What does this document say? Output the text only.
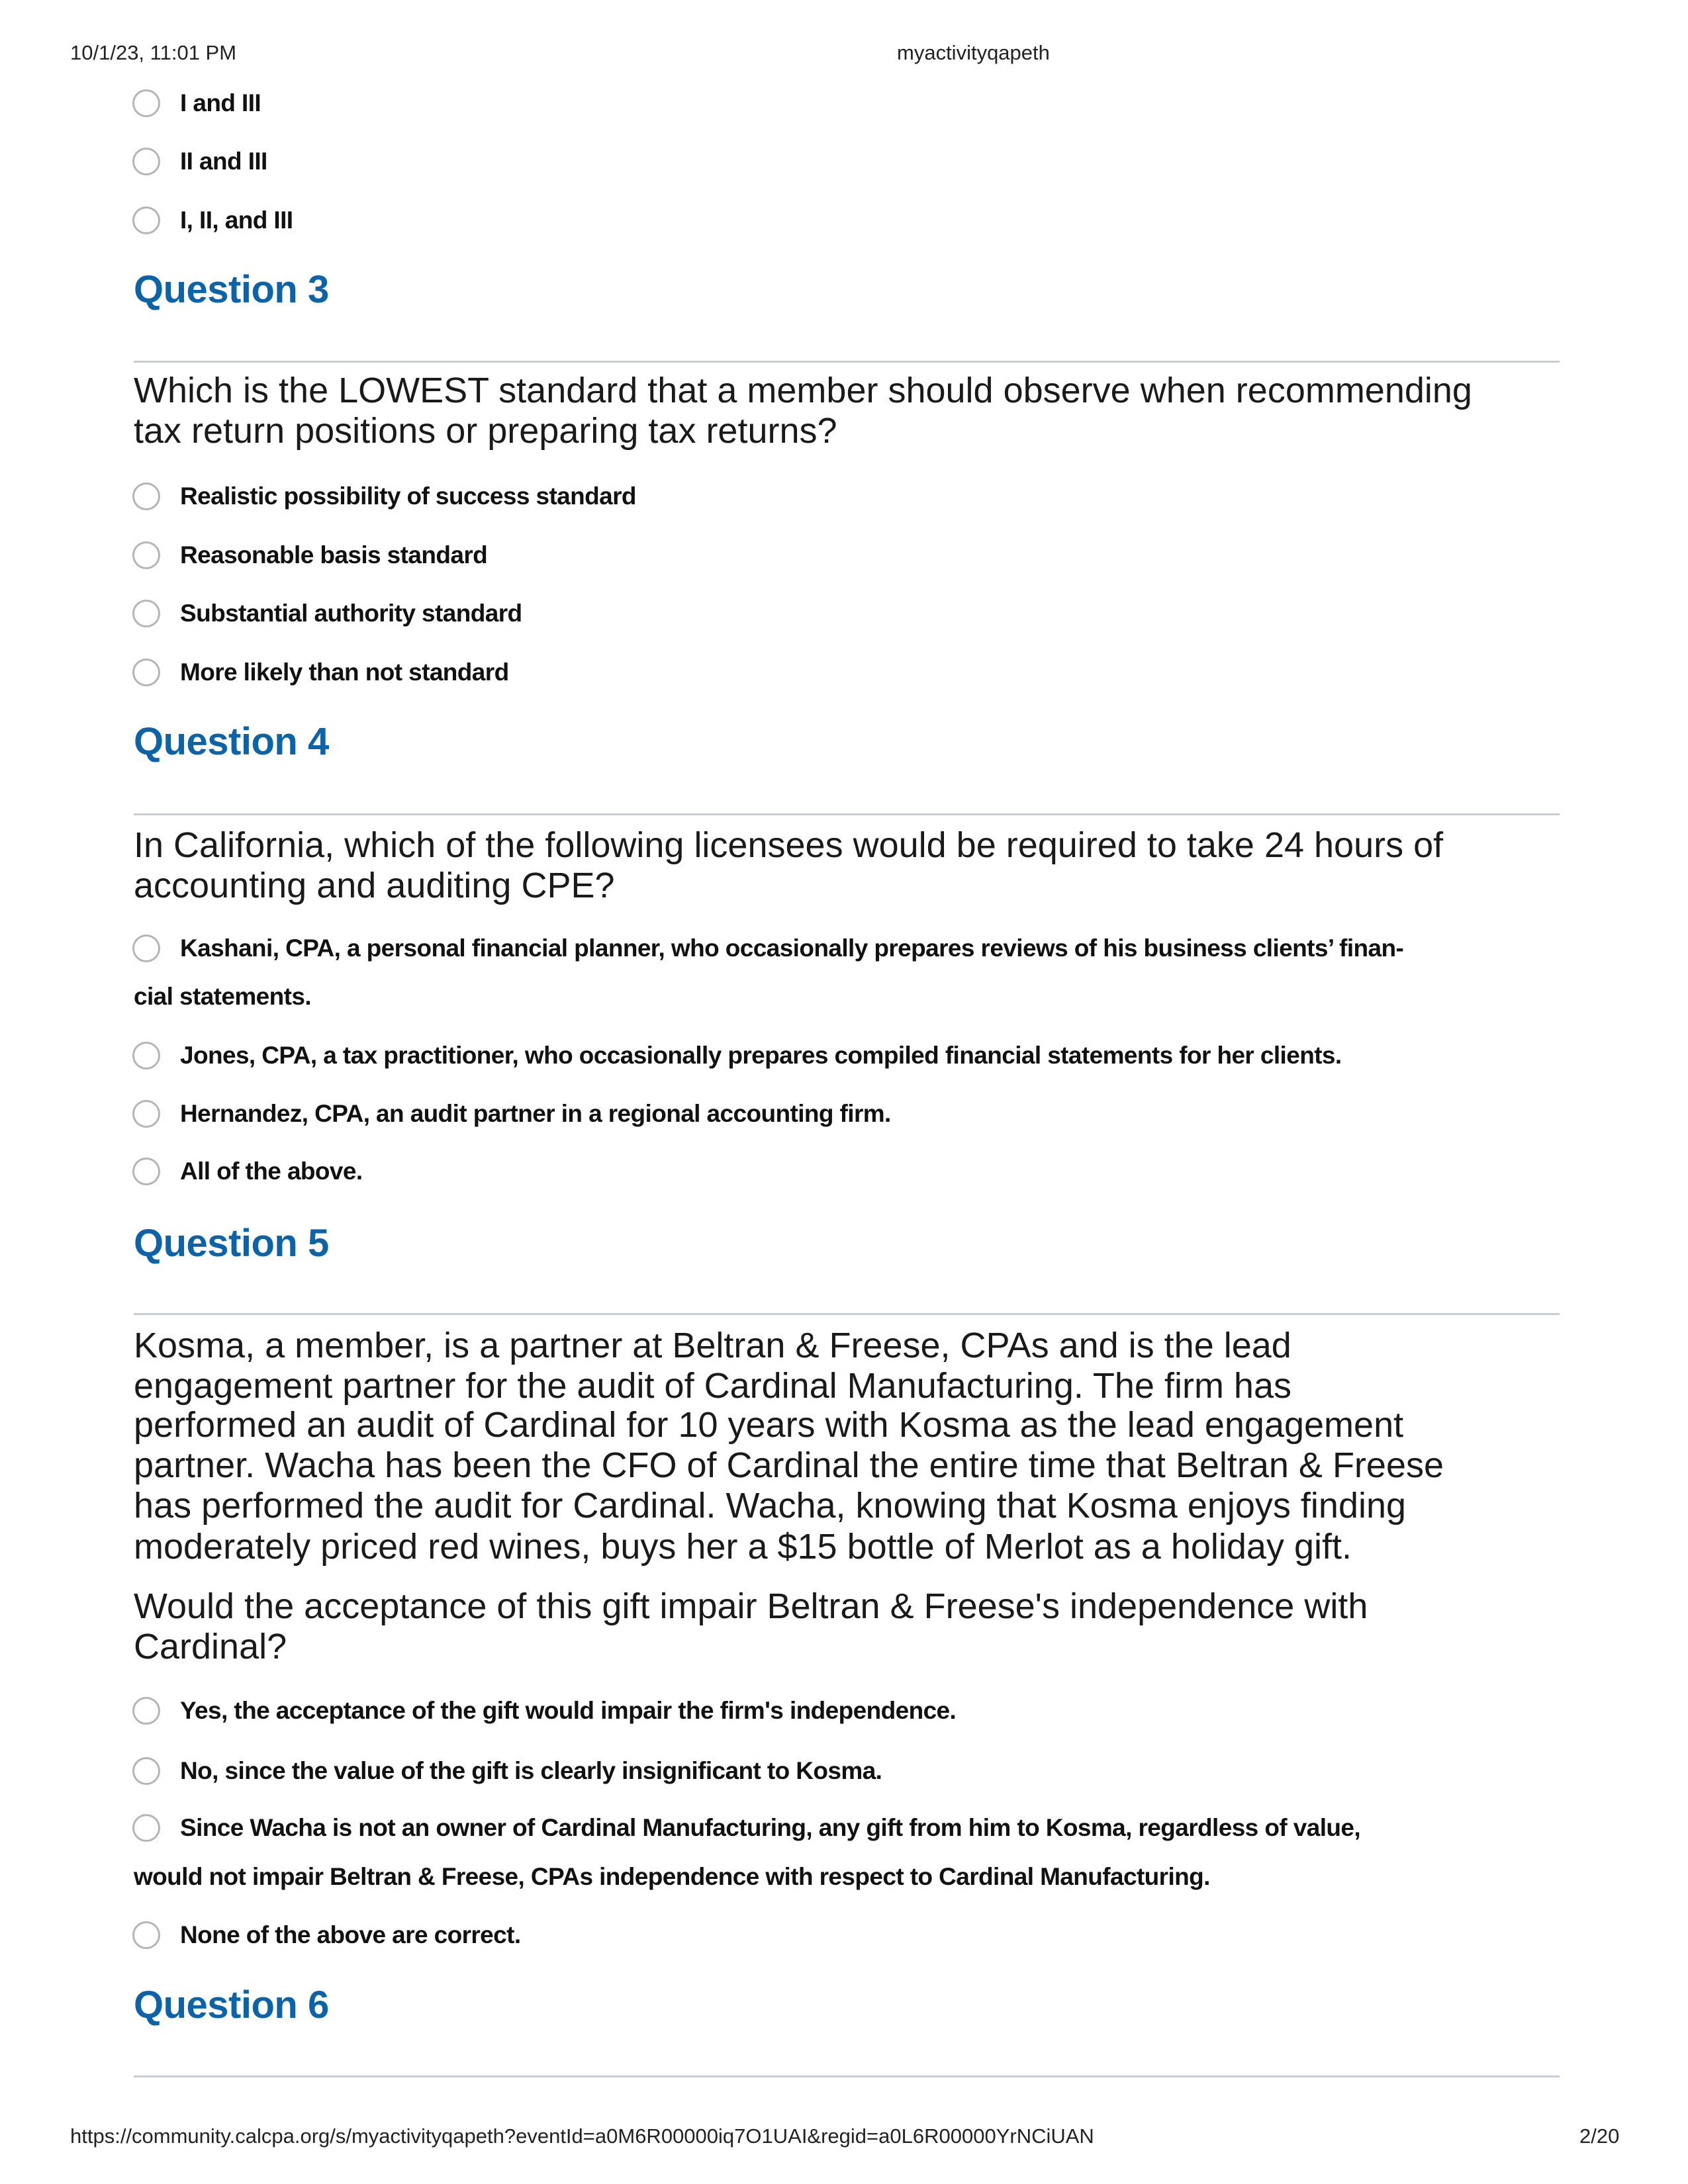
10/1/23, 11:01 PM	myactivityqapeth
I and III
II and III
I, II, and III
Question 3
Which is the LOWEST standard that a member should observe when recommending
tax return positions or preparing tax returns?
Realistic possibility of success standard
Reasonable basis standard
Substantial authority standard
More likely than not standard
Question 4
In California, which of the following licensees would be required to take 24 hours of
accounting and auditing CPE?
Kashani, CPA, a personal financial planner, who occasionally prepares reviews of his business clients’ finan-
cial statements.
Jones, CPA, a tax practitioner, who occasionally prepares compiled financial statements for her clients.
Hernandez, CPA, an audit partner in a regional accounting firm.
All of the above.
Question 5
Kosma, a member, is a partner at Beltran & Freese, CPAs and is the lead
engagement partner for the audit of Cardinal Manufacturing. The firm has
performed an audit of Cardinal for 10 years with Kosma as the lead engagement
partner. Wacha has been the CFO of Cardinal the entire time that Beltran & Freese
has performed the audit for Cardinal. Wacha, knowing that Kosma enjoys finding
moderately priced red wines, buys her a $15 bottle of Merlot as a holiday gift.
Would the acceptance of this gift impair Beltran & Freese's independence with
Cardinal?
Yes, the acceptance of the gift would impair the firm's independence.
No, since the value of the gift is clearly insignificant to Kosma.
Since Wacha is not an owner of Cardinal Manufacturing, any gift from him to Kosma, regardless of value,
would not impair Beltran & Freese, CPAs independence with respect to Cardinal Manufacturing.
None of the above are correct.
Question 6
https://community.calcpa.org/s/myactivityqapeth?eventId=a0M6R00000iq7O1UAI&regid=a0L6R00000YrNCiUAN	2/20
